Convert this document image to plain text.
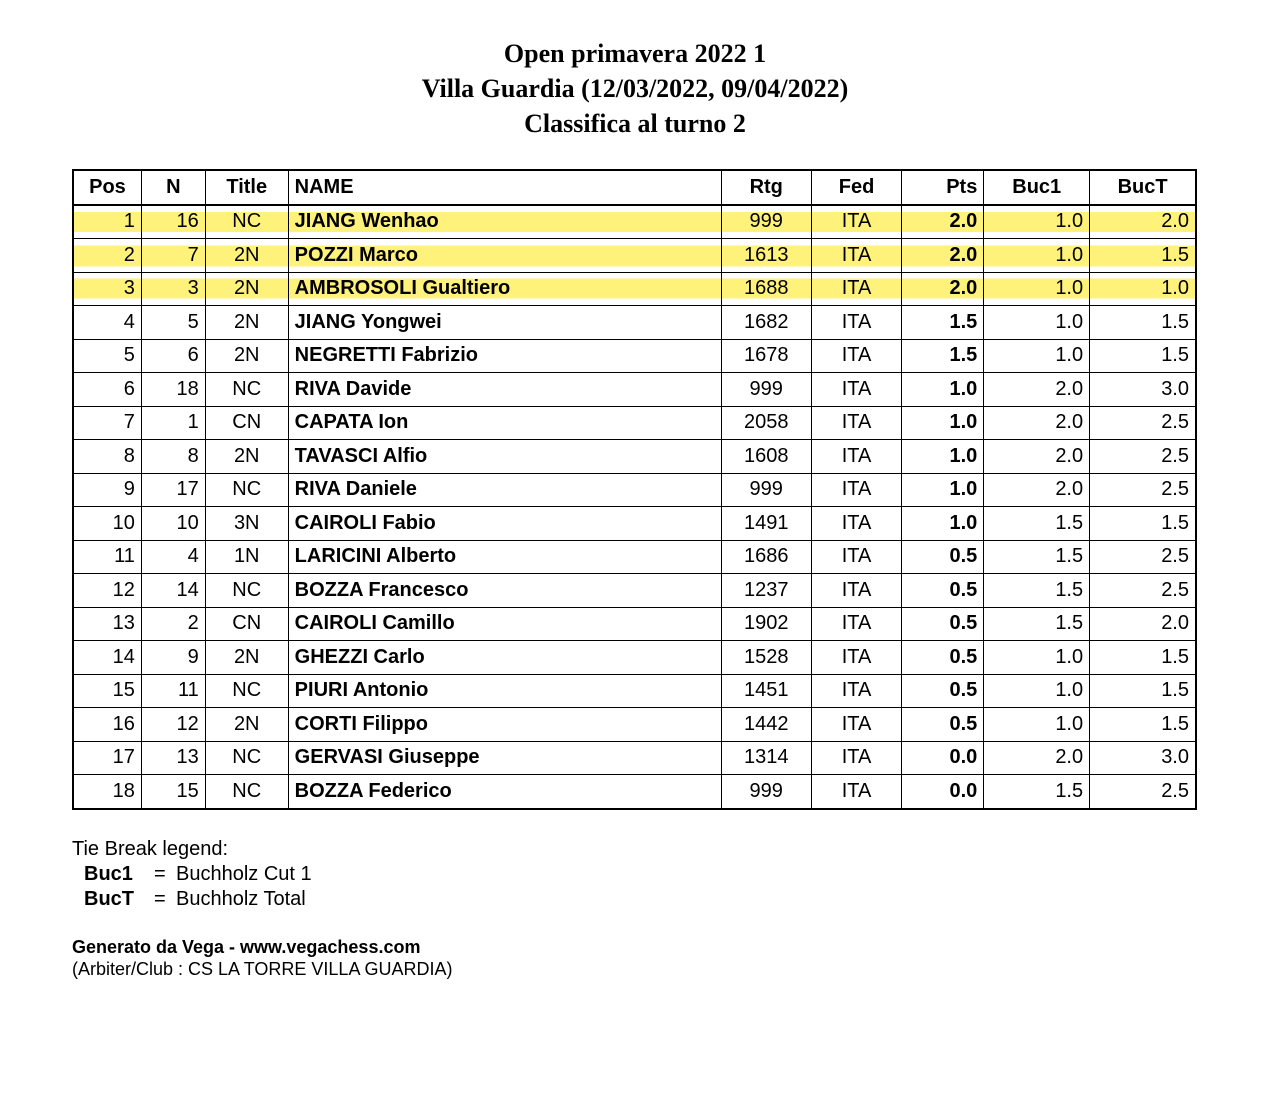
Open primavera 2022 1
Villa Guardia (12/03/2022, 09/04/2022)
Classifica al turno 2
Pos	N	Title	NAME	Rtg	Fed	Pts	Buc1	BucT
1	16	NC	JIANG Wenhao	999	ITA	2.0	1.0	2.0
2	7	2N	POZZI Marco	1613	ITA	2.0	1.0	1.5
3	3	2N	AMBROSOLI Gualtiero	1688	ITA	2.0	1.0	1.0
4	5	2N	JIANG Yongwei	1682	ITA	1.5	1.0	1.5
5	6	2N	NEGRETTI Fabrizio	1678	ITA	1.5	1.0	1.5
6	18	NC	RIVA Davide	999	ITA	1.0	2.0	3.0
7	1	CN	CAPATA Ion	2058	ITA	1.0	2.0	2.5
8	8	2N	TAVASCI Alfio	1608	ITA	1.0	2.0	2.5
9	17	NC	RIVA Daniele	999	ITA	1.0	2.0	2.5
10	10	3N	CAIROLI Fabio	1491	ITA	1.0	1.5	1.5
11	4	1N	LARICINI Alberto	1686	ITA	0.5	1.5	2.5
12	14	NC	BOZZA Francesco	1237	ITA	0.5	1.5	2.5
13	2	CN	CAIROLI Camillo	1902	ITA	0.5	1.5	2.0
14	9	2N	GHEZZI Carlo	1528	ITA	0.5	1.0	1.5
15	11	NC	PIURI Antonio	1451	ITA	0.5	1.0	1.5
16	12	2N	CORTI Filippo	1442	ITA	0.5	1.0	1.5
17	13	NC	GERVASI Giuseppe	1314	ITA	0.0	2.0	3.0
18	15	NC	BOZZA Federico	999	ITA	0.0	1.5	2.5
Tie Break legend:
Buc1 = Buchholz Cut 1
BucT = Buchholz Total
Generato da Vega - www.vegachess.com
(Arbiter/Club : CS LA TORRE VILLA GUARDIA)
